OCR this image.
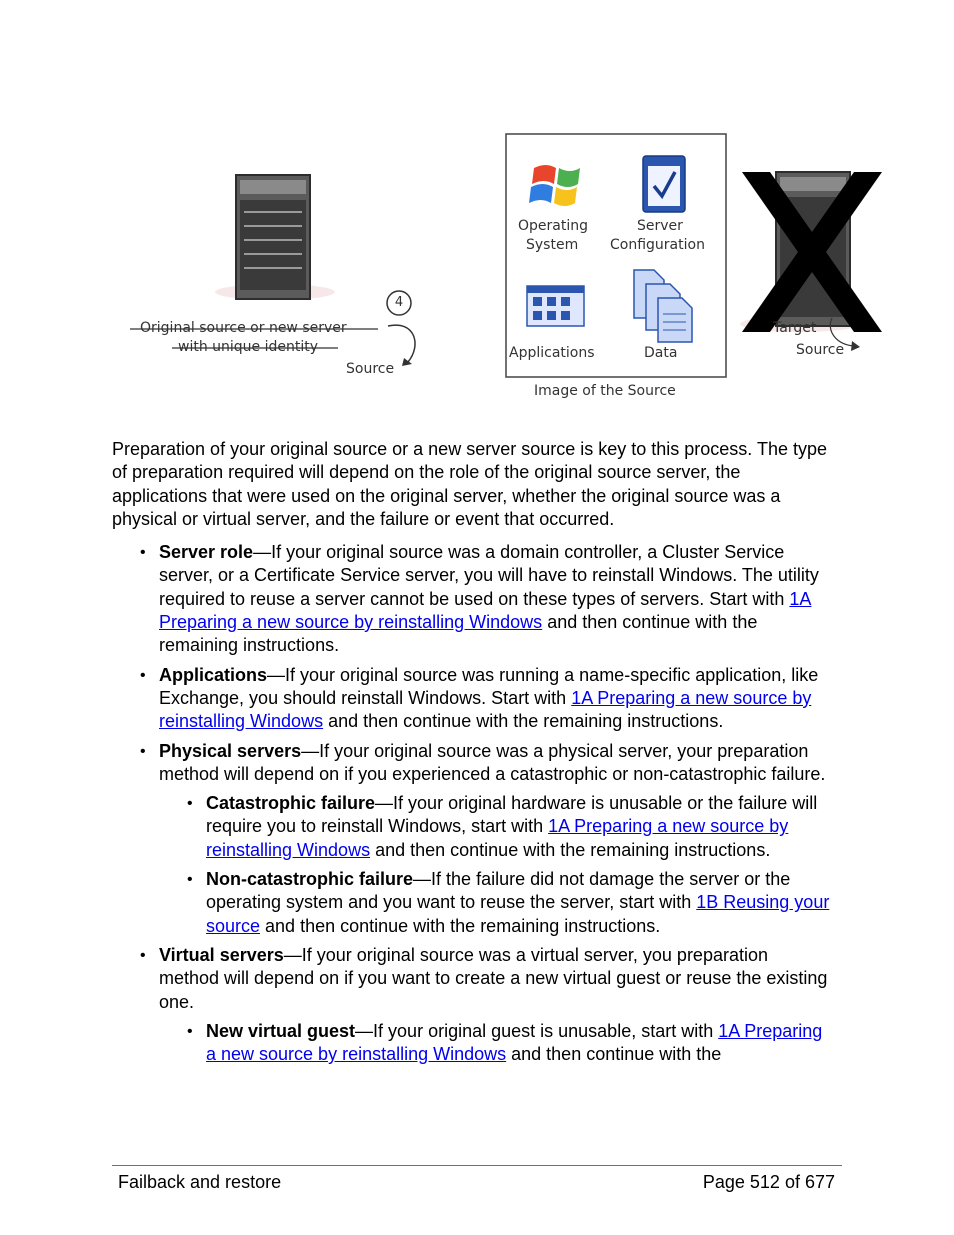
4
Original source or new server
with unique identity
Source
Operating
System
Server
Configuration
Applications	Data
Image of the Source
Target
Source

Preparation of your original source or a new server source is key to this process. The type of preparation required will depend on the role of the original source server, the applications that were used on the original server, whether the original source was a physical or virtual server, and the failure or event that occurred.

• Server role—If your original source was a domain controller, a Cluster Service server, or a Certificate Service server, you will have to reinstall Windows. The utility required to reuse a server cannot be used on these types of servers. Start with 1A Preparing a new source by reinstalling Windows and then continue with the remaining instructions.
• Applications—If your original source was running a name-specific application, like Exchange, you should reinstall Windows. Start with 1A Preparing a new source by reinstalling Windows and then continue with the remaining instructions.
• Physical servers—If your original source was a physical server, your preparation method will depend on if you experienced a catastrophic or non-catastrophic failure.
• Catastrophic failure—If your original hardware is unusable or the failure will require you to reinstall Windows, start with 1A Preparing a new source by reinstalling Windows and then continue with the remaining instructions.
• Non-catastrophic failure—If the failure did not damage the server or the operating system and you want to reuse the server, start with 1B Reusing your source and then continue with the remaining instructions.
• Virtual servers—If your original source was a virtual server, you preparation method will depend on if you want to create a new virtual guest or reuse the existing one.
• New virtual guest—If your original guest is unusable, start with 1A Preparing a new source by reinstalling Windows and then continue with the
Failback and restore	Page 512 of 677
